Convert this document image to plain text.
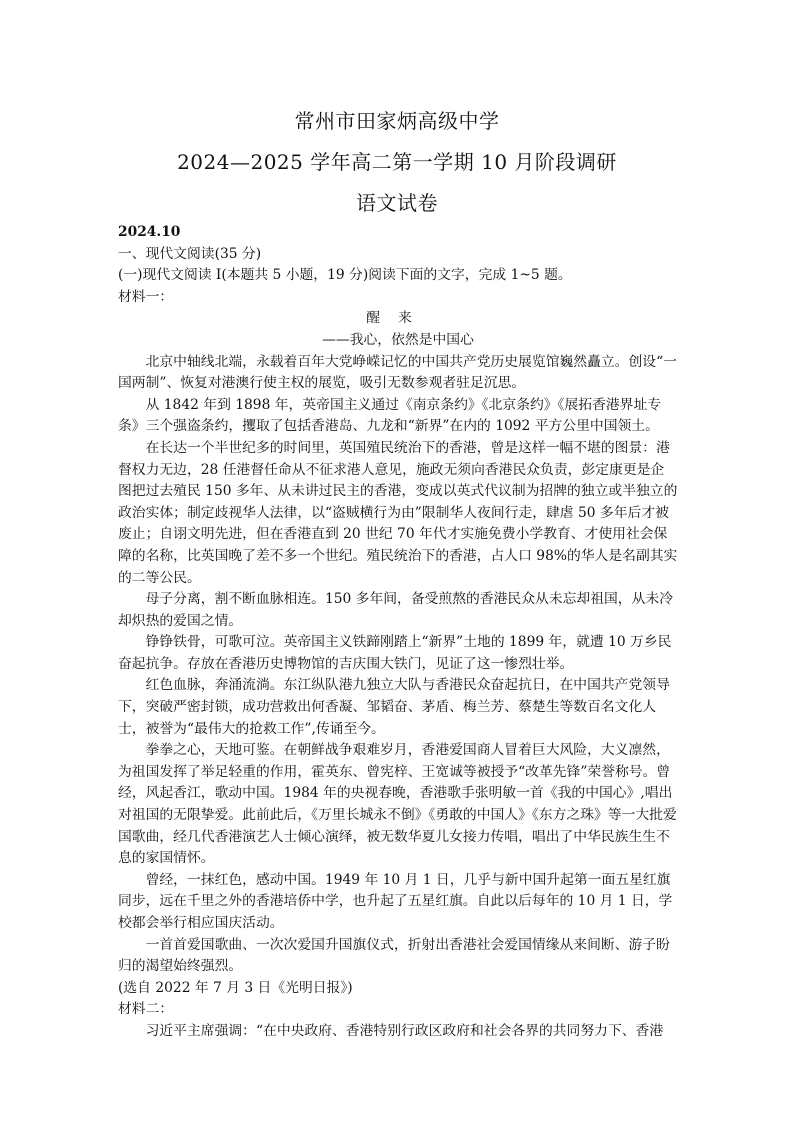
常州市田家炳高级中学
2024—2025 学年高二第一学期 10 月阶段调研
语文试卷

2024.10

一、现代文阅读(35 分)

(一)现代文阅读 I(本题共 5 小题，19 分)阅读下面的文字，完成 1~5 题。

材料一：

醒来

——我心，依然是中国心

北京中轴线北端，永载着百年大党峥嵘记忆的中国共产党历史展览馆巍然矗立。创设“一国两制”、恢复对港澳行使主权的展览，吸引无数参观者驻足沉思。

从 1842 年到 1898 年，英帝国主义通过《南京条约》《北京条约》《展拓香港界址专条》三个强盗条约，攫取了包括香港岛、九龙和“新界”在内的 1092 平方公里中国领土。

在长达一个半世纪多的时间里，英国殖民统治下的香港，曾是这样一幅不堪的图景：港督权力无边，28 任港督任命从不征求港人意见，施政无须向香港民众负责，彭定康更是企图把过去殖民 150 多年、从未讲过民主的香港，变成以英式代议制为招牌的独立或半独立的政治实体；制定歧视华人法律，以“盗贼横行为由”限制华人夜间行走，肆虐 50 多年后才被废止；自诩文明先进，但在香港直到 20 世纪 70 年代才实施免费小学教育、才使用社会保障的名称，比英国晚了差不多一个世纪。殖民统治下的香港，占人口 98%的华人是名副其实的二等公民。

母子分离，割不断血脉相连。150 多年间，备受煎熬的香港民众从未忘却祖国，从未冷却炽热的爱国之情。

铮铮铁骨，可歌可泣。英帝国主义铁蹄刚踏上“新界”土地的 1899 年，就遭 10 万乡民奋起抗争。存放在香港历史博物馆的吉庆围大铁门，见证了这一惨烈壮举。

红色血脉，奔涌流淌。东江纵队港九独立大队与香港民众奋起抗日，在中国共产党领导下，突破严密封锁，成功营救出何香凝、邹韬奋、茅盾、梅兰芳、蔡楚生等数百名文化人士，被誉为“最伟大的抢救工作”,传诵至今。

拳拳之心，天地可鉴。在朝鲜战争艰难岁月，香港爱国商人冒着巨大风险，大义凛然，为祖国发挥了举足轻重的作用，霍英东、曾宪梓、王宽诚等被授予“改革先锋”荣誉称号。曾经，风起香江，歌动中国。1984 年的央视春晚，香港歌手张明敏一首《我的中国心》,唱出对祖国的无限挚爱。此前此后，《万里长城永不倒》《勇敢的中国人》《东方之珠》等一大批爱国歌曲，经几代香港演艺人士倾心演绎，被无数华夏儿女接力传唱，唱出了中华民族生生不息的家国情怀。

曾经，一抹红色，感动中国。1949 年 10 月 1 日，几乎与新中国升起第一面五星红旗同步，远在千里之外的香港培侨中学，也升起了五星红旗。自此以后每年的 10 月 1 日，学校都会举行相应国庆活动。

一首首爱国歌曲、一次次爱国升国旗仪式，折射出香港社会爱国情缘从来间断、游子盼归的渴望始终强烈。

(选自 2022 年 7 月 3 日《光明日报》)

材料二：

习近平主席强调：“在中央政府、香港特别行政区政府和社会各界的共同努力下、香港
